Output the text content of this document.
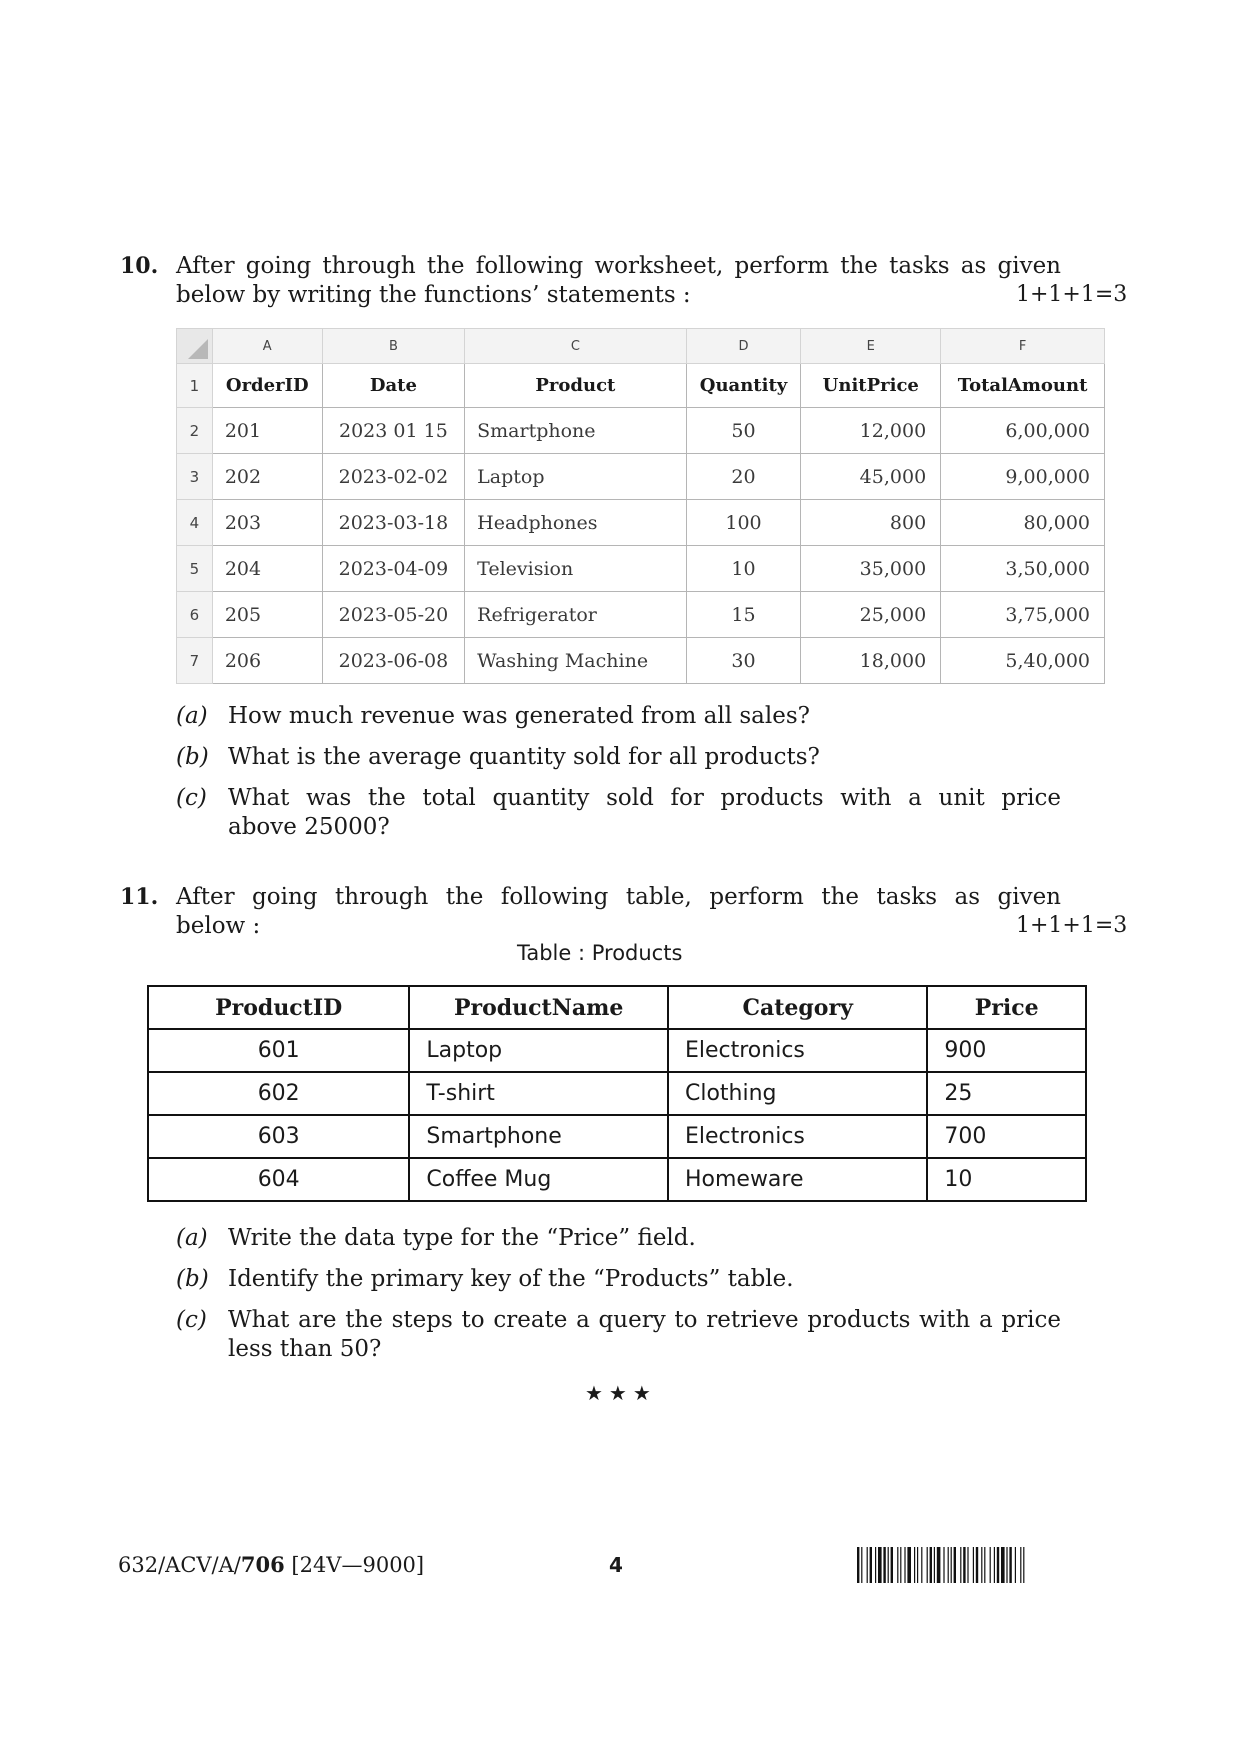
10. After going through the following worksheet, perform the tasks as given
below by writing the functions’ statements :	1+1+1=3
	A	B	C	D	E	F
1	OrderID	Date	Product	Quantity	UnitPrice	TotalAmount
2	201	2023 01 15	Smartphone	50	12,000	6,00,000
3	202	2023-02-02	Laptop	20	45,000	9,00,000
4	203	2023-03-18	Headphones	100	800	80,000
5	204	2023-04-09	Television	10	35,000	3,50,000
6	205	2023-05-20	Refrigerator	15	25,000	3,75,000
7	206	2023-06-08	Washing Machine	30	18,000	5,40,000
(a) How much revenue was generated from all sales?
(b) What is the average quantity sold for all products?
(c) What was the total quantity sold for products with a unit price
above 25000?
11. After going through the following table, perform the tasks as given
below :	1+1+1=3
Table : Products
ProductID	ProductName	Category	Price
601	Laptop	Electronics	900
602	T-shirt	Clothing	25
603	Smartphone	Electronics	700
604	Coffee Mug	Homeware	10
(a) Write the data type for the “Price” field.
(b) Identify the primary key of the “Products” table.
(c) What are the steps to create a query to retrieve products with a price
less than 50?
★★★
632/ACV/A/706 [24V—9000]	4
